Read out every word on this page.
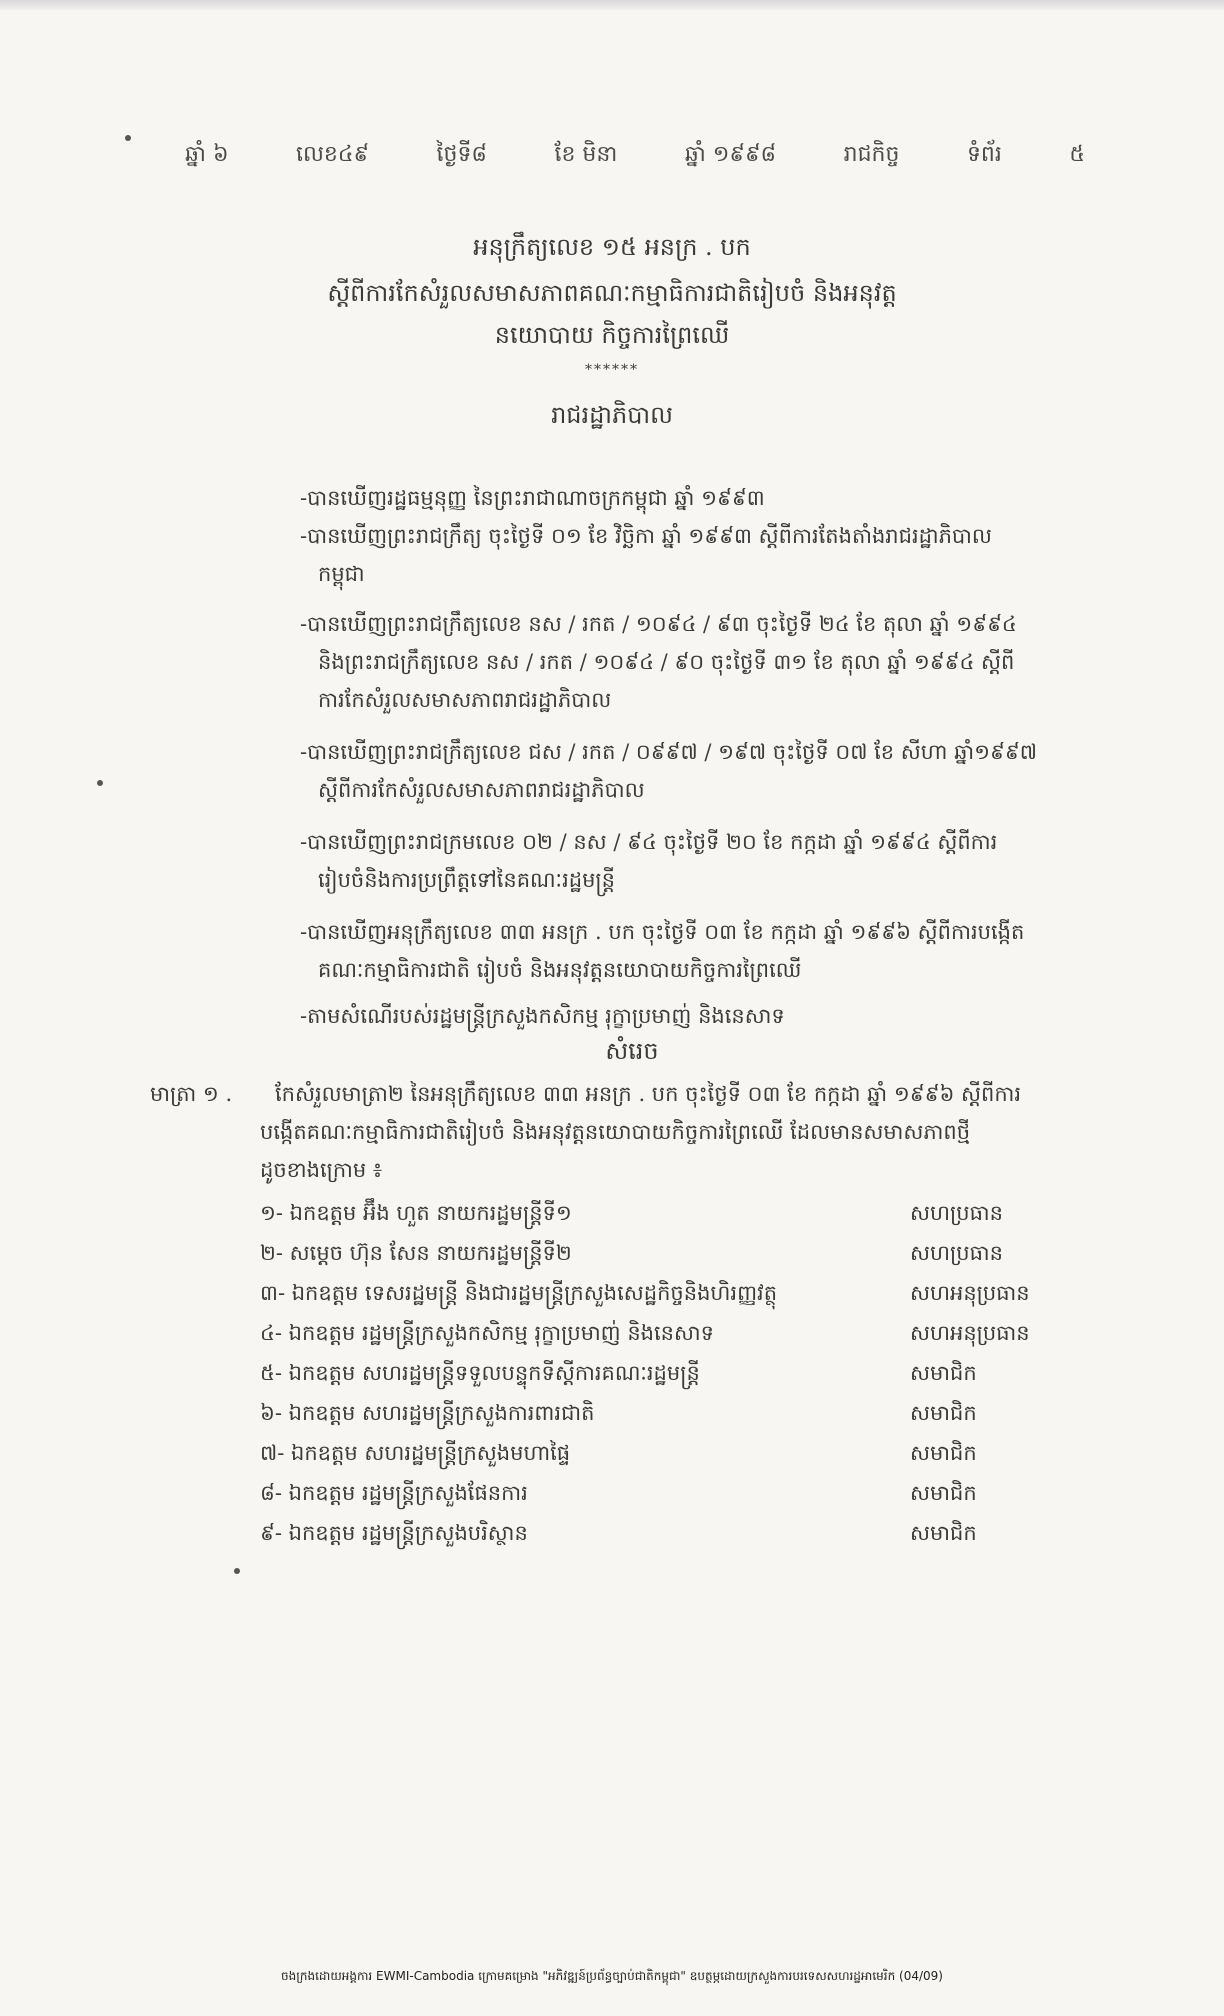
ឆ្នាំ ៦	លេខ៤៩	ថ្ងៃទី៨	ខែ មិនា	ឆ្នាំ ១៩៩៨	រាជកិច្ច	ទំព័រ	៥
អនុក្រឹត្យលេខ ១៥ អនក្រ . បក
ស្តីពីការកែសំរួលសមាសភាពគណៈកម្មាធិការជាតិរៀបចំ និងអនុវត្ត
នយោបាយ កិច្ចការព្រៃឈើ
******
រាជរដ្ឋាភិបាល
-បានឃើញរដ្ឋធម្មនុញ្ញ នៃព្រះរាជាណាចក្រកម្ពុជា ឆ្នាំ ១៩៩៣
-បានឃើញព្រះរាជក្រឹត្យ ចុះថ្ងៃទី ០១ ខែ វិច្ឆិកា ឆ្នាំ ១៩៩៣ ស្តីពីការតែងតាំងរាជរដ្ឋាភិបាល
កម្ពុជា
-បានឃើញព្រះរាជក្រឹត្យលេខ នស / រកត / ១០៩៤ / ៩៣ ចុះថ្ងៃទី ២៤ ខែ តុលា ឆ្នាំ ១៩៩៤
និងព្រះរាជក្រឹត្យលេខ នស / រកត / ១០៩៤ / ៩០ ចុះថ្ងៃទី ៣១ ខែ តុលា ឆ្នាំ ១៩៩៤ ស្តីពី
ការកែសំរួលសមាសភាពរាជរដ្ឋាភិបាល
-បានឃើញព្រះរាជក្រឹត្យលេខ ជស / រកត / ០៩៩៧ / ១៩៧ ចុះថ្ងៃទី ០៧ ខែ សីហា ឆ្នាំ១៩៩៧
ស្តីពីការកែសំរួលសមាសភាពរាជរដ្ឋាភិបាល
-បានឃើញព្រះរាជក្រមលេខ ០២ / នស / ៩៤ ចុះថ្ងៃទី ២០ ខែ កក្កដា ឆ្នាំ ១៩៩៤ ស្តីពីការ
រៀបចំនិងការប្រព្រឹត្តទៅនៃគណៈរដ្ឋមន្ត្រី
-បានឃើញអនុក្រឹត្យលេខ ៣៣ អនក្រ . បក ចុះថ្ងៃទី ០៣ ខែ កក្កដា ឆ្នាំ ១៩៩៦ ស្តីពីការបង្កើត
គណៈកម្មាធិការជាតិ រៀបចំ និងអនុវត្តនយោបាយកិច្ចការព្រៃឈើ
-តាមសំណើរបស់រដ្ឋមន្ត្រីក្រសួងកសិកម្ម រុក្ខាប្រមាញ់ និងនេសាទ
សំរេច
មាត្រា ១ . កែសំរួលមាត្រា២ នៃអនុក្រឹត្យលេខ ៣៣ អនក្រ . បក ចុះថ្ងៃទី ០៣ ខែ កក្កដា ឆ្នាំ ១៩៩៦ ស្តីពីការ
បង្កើតគណៈកម្មាធិការជាតិរៀបចំ និងអនុវត្តនយោបាយកិច្ចការព្រៃឈើ ដែលមានសមាសភាពថ្មី
ដូចខាងក្រោម ៖
១- ឯកឧត្តម អ៊ឹង ហួត នាយករដ្ឋមន្ត្រីទី១	សហប្រធាន
២- សម្តេច ហ៊ុន សែន នាយករដ្ឋមន្ត្រីទី២	សហប្រធាន
៣- ឯកឧត្តម ទេសរដ្ឋមន្ត្រី និងជារដ្ឋមន្ត្រីក្រសួងសេដ្ឋកិច្ចនិងហិរញ្ញវត្ថុ	សហអនុប្រធាន
៤- ឯកឧត្តម រដ្ឋមន្ត្រីក្រសួងកសិកម្ម រុក្ខាប្រមាញ់ និងនេសាទ	សហអនុប្រធាន
៥- ឯកឧត្តម សហរដ្ឋមន្ត្រីទទួលបន្ទុកទីស្តីការគណៈរដ្ឋមន្ត្រី	សមាជិក
៦- ឯកឧត្តម សហរដ្ឋមន្ត្រីក្រសួងការពារជាតិ	សមាជិក
៧- ឯកឧត្តម សហរដ្ឋមន្ត្រីក្រសួងមហាផ្ទៃ	សមាជិក
៨- ឯកឧត្តម រដ្ឋមន្ត្រីក្រសួងផែនការ	សមាជិក
៩- ឯកឧត្តម រដ្ឋមន្ត្រីក្រសួងបរិស្ថាន	សមាជិក
ចងក្រងដោយអង្គការ EWMI-Cambodia ក្រោមគម្រោង "អភិវឌ្ឍន៍ប្រព័ន្ធច្បាប់ជាតិកម្ពុជា" ឧបត្ថម្ភដោយក្រសួងការបរទេសសហរដ្ឋអាមេរិក (04/09)
